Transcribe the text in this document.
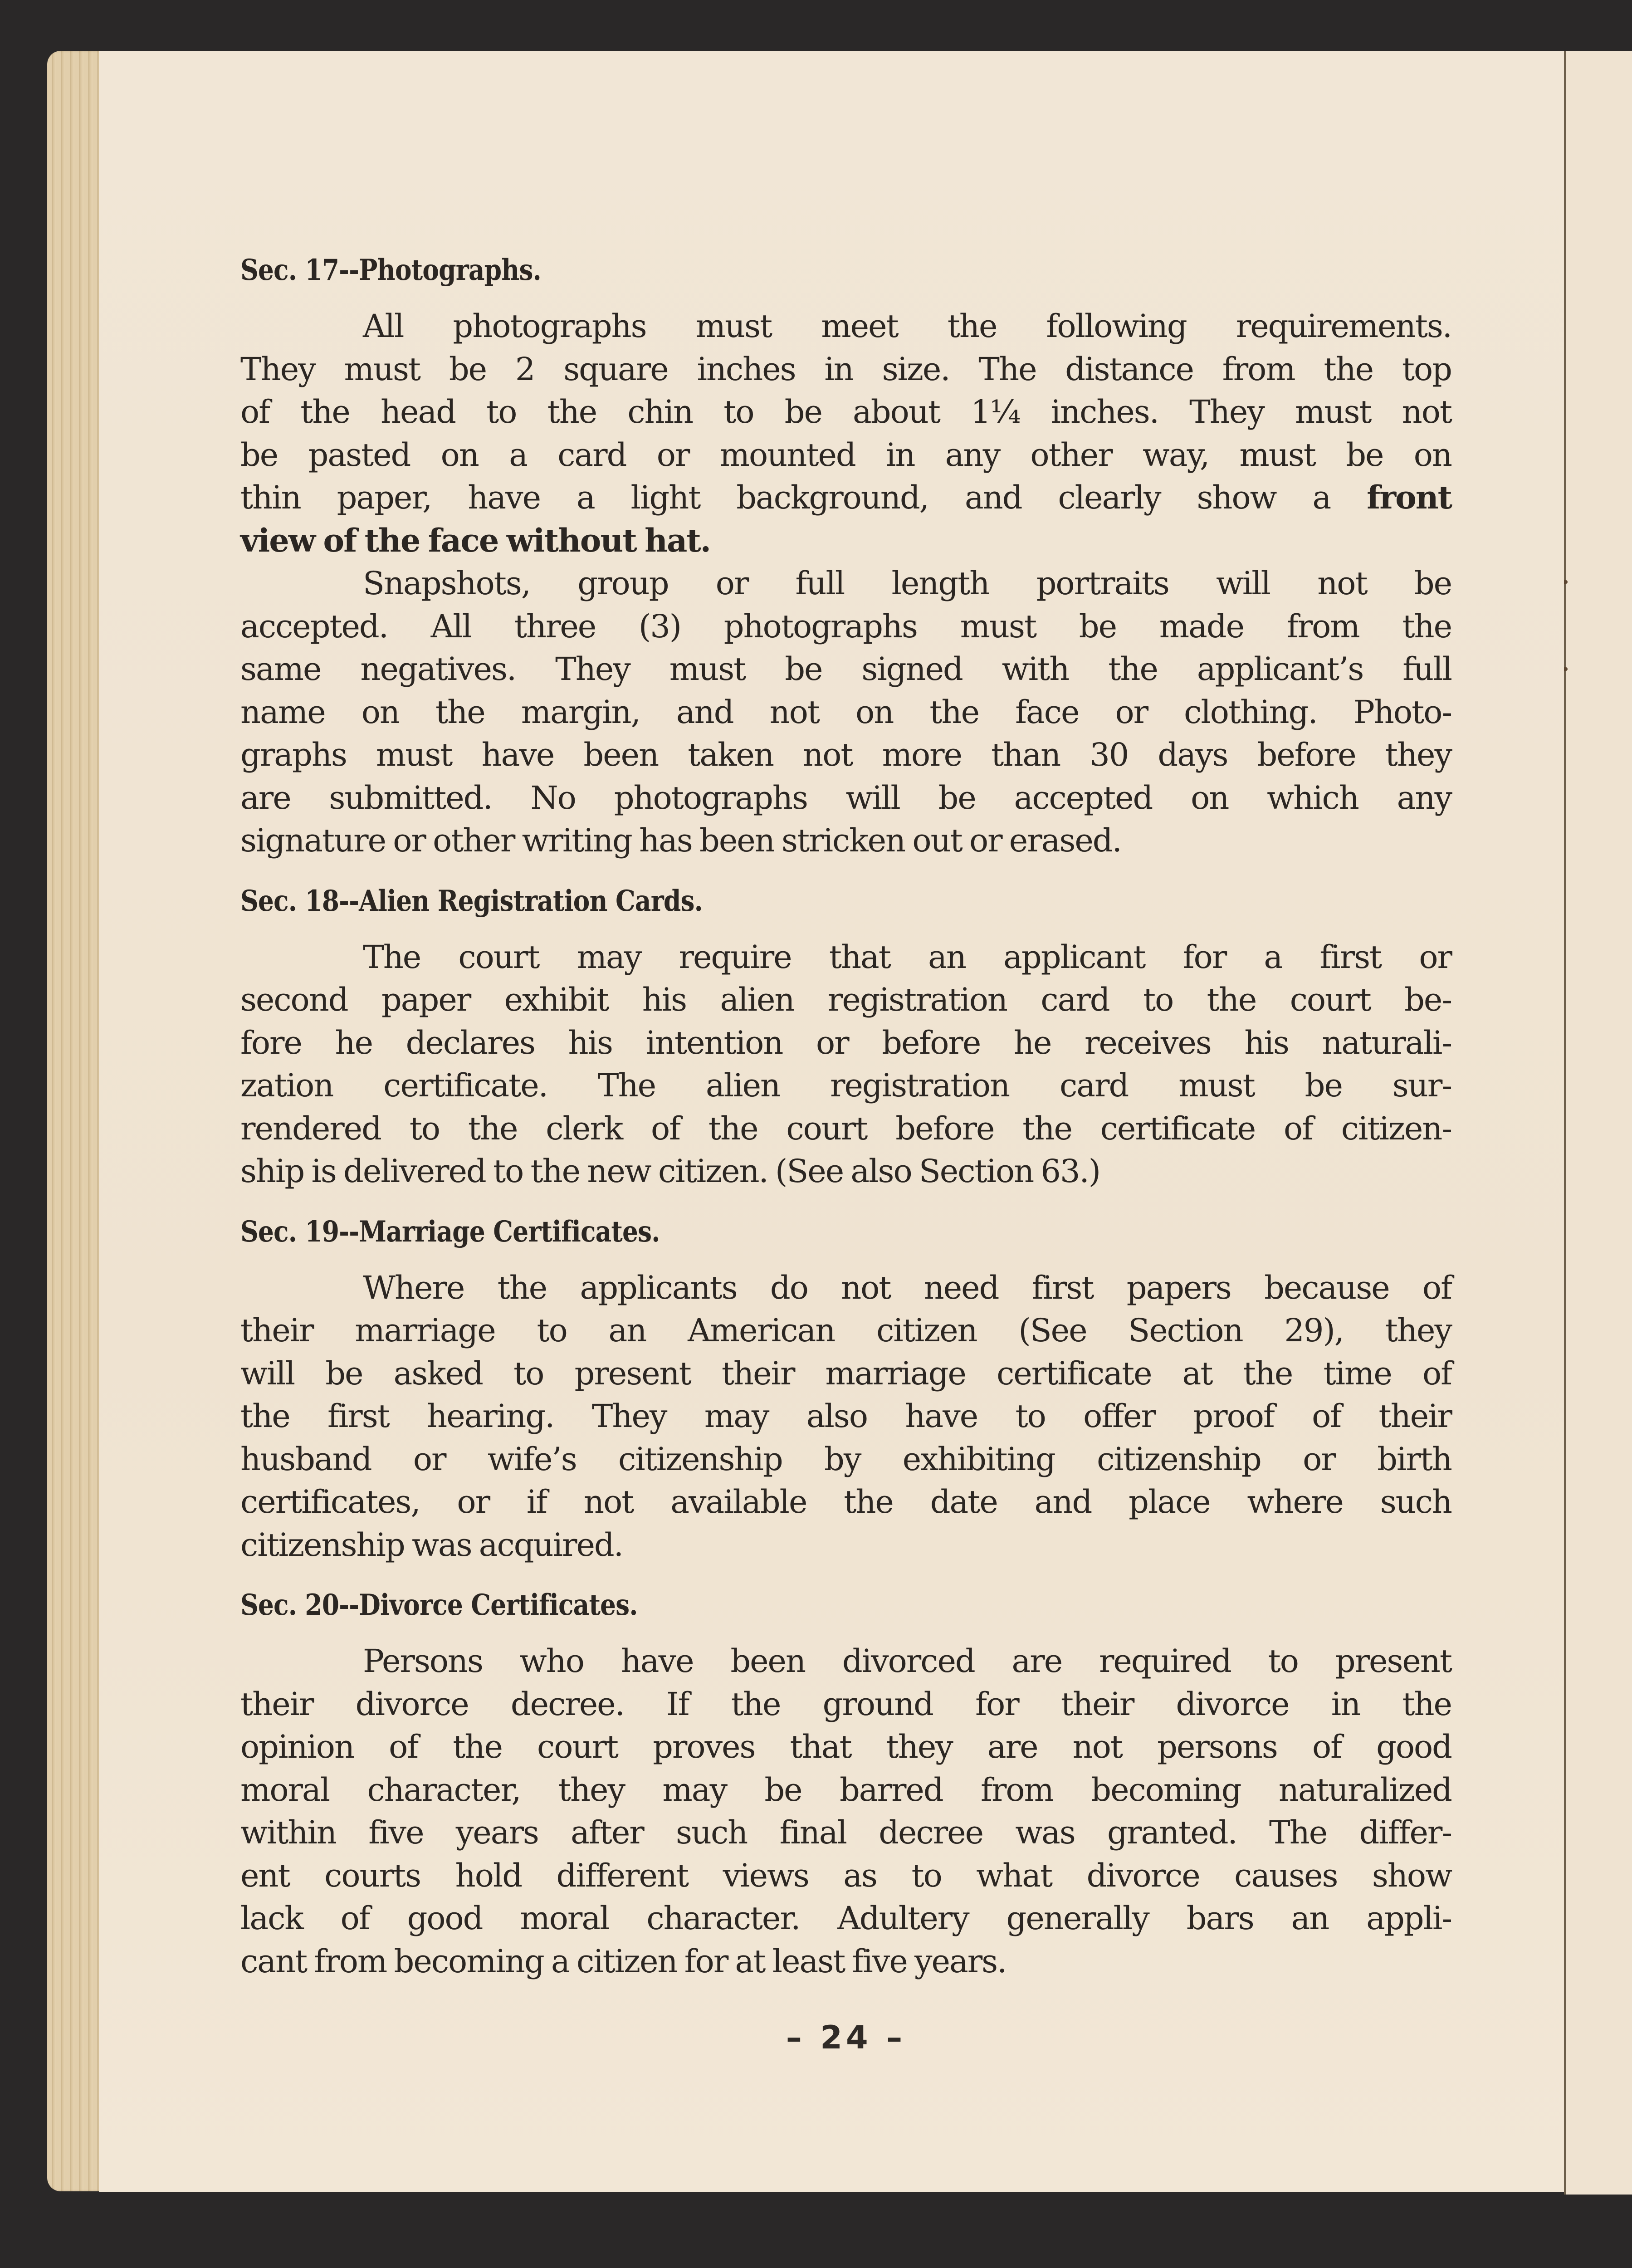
Sec. 17--Photographs.

All photographs must meet the following requirements.
They must be 2 square inches in size. The distance from the top
of the head to the chin to be about 1¼ inches. They must not
be pasted on a card or mounted in any other way, must be on
thin paper, have a light background, and clearly show a front
view of the face without hat.

Snapshots, group or full length portraits will not be
accepted. All three (3) photographs must be made from the
same negatives. They must be signed with the applicant’s full
name on the margin, and not on the face or clothing. Photo-
graphs must have been taken not more than 30 days before they
are submitted. No photographs will be accepted on which any
signature or other writing has been stricken out or erased.

Sec. 18--Alien Registration Cards.

The court may require that an applicant for a first or
second paper exhibit his alien registration card to the court be-
fore he declares his intention or before he receives his naturali-
zation certificate. The alien registration card must be sur-
rendered to the clerk of the court before the certificate of citizen-
ship is delivered to the new citizen. (See also Section 63.)

Sec. 19--Marriage Certificates.

Where the applicants do not need first papers because of
their marriage to an American citizen (See Section 29), they
will be asked to present their marriage certificate at the time of
the first hearing. They may also have to offer proof of their
husband or wife’s citizenship by exhibiting citizenship or birth
certificates, or if not available the date and place where such
citizenship was acquired.

Sec. 20--Divorce Certificates.

Persons who have been divorced are required to present
their divorce decree. If the ground for their divorce in the
opinion of the court proves that they are not persons of good
moral character, they may be barred from becoming naturalized
within five years after such final decree was granted. The differ-
ent courts hold different views as to what divorce causes show
lack of good moral character. Adultery generally bars an appli-
cant from becoming a citizen for at least five years.

– 24 –
